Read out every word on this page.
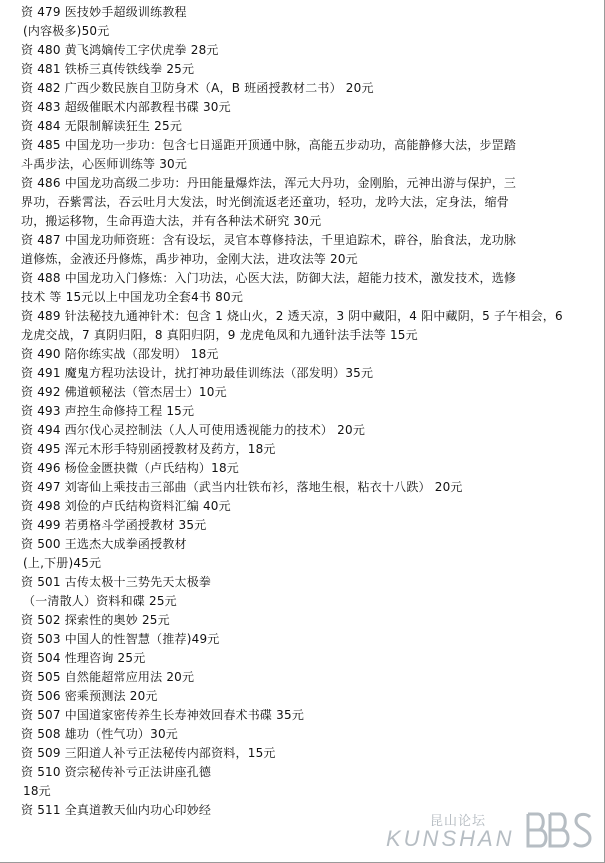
资 479 医技妙手超级训练教程
(内容极多)50元
资 480 黄飞鸿嫡传工字伏虎拳 28元
资 481 铁桥三真传铁线拳 25元
资 482 广西少数民族自卫防身术（A，B 班函授教材二书） 20元
资 483 超级催眠术内部教程书碟 30元
资 484 无限制解读狂生 25元
资 485 中国龙功一步功：包含七日遥距开顶通中脉，高能五步动功，高能静修大法，步罡踏
斗禹步法，心医师训练等 30元
资 486 中国龙功高级二步功：丹田能量爆炸法，浑元大丹功，金刚胎，元神出游与保护，三
界功，吞紫霄法，吞云吐月大发法，时光倒流返老还童功，轻功，龙吟大法，定身法，缩骨
功，搬运移物，生命再造大法，并有各种法术研究 30元
资 487 中国龙功师资班：含有设坛，灵官本尊修持法，千里追踪术，辟谷，胎食法，龙功脉
道修炼，金液还丹修炼，禹步神功，金刚大法，进攻法等 20元
资 488 中国龙功入门修炼：入门功法，心医大法，防御大法，超能力技术，激发技术，选修
技术 等 15元以上中国龙功全套4书 80元
资 489 针法秘技九通神针术：包含 1 烧山火，2 透天凉，3 阴中藏阳，4 阳中藏阴，5 子午相会，6
龙虎交战，7 真阴归阳，8 真阳归阴，9 龙虎龟凤和九通针法手法等 15元
资 490 陪你练实战（邵发明） 18元
资 491 魔鬼方程功法设计，扰打神功最佳训练法（邵发明）35元
资 492 佛道顿秘法（管杰居士）10元
资 493 声控生命修持工程 15元
资 494 西尔伐心灵控制法（人人可使用透视能力的技术） 20元
资 495 浑元木形手特别函授教材及药方，18元
资 496 杨俭金匮抉微（卢氏结构）18元
资 497 刘寄仙上乘技击三部曲（武当内壮铁布衫，落地生根，粘衣十八跌） 20元
资 498 刘俭的卢氏结构资料汇编 40元
资 499 若勇格斗学函授教材 35元
资 500 王选杰大成拳函授教材
(上,下册)45元
资 501 古传太极十三势先天太极拳
（一清散人）资料和碟 25元
资 502 探索性的奥妙 25元
资 503 中国人的性智慧（推荐)49元
资 504 性理咨询 25元
资 505 自然能超常应用法 20元
资 506 密乘预测法 20元
资 507 中国道家密传养生长寿神效回春术书碟 35元
资 508 雄功（性气功）30元
资 509 三阳道人补亏正法秘传内部资料，15元
资 510 资宗秘传补亏正法讲座孔德
18元
资 511 全真道教天仙内功心印妙经
昆山论坛
KUNSHAN
